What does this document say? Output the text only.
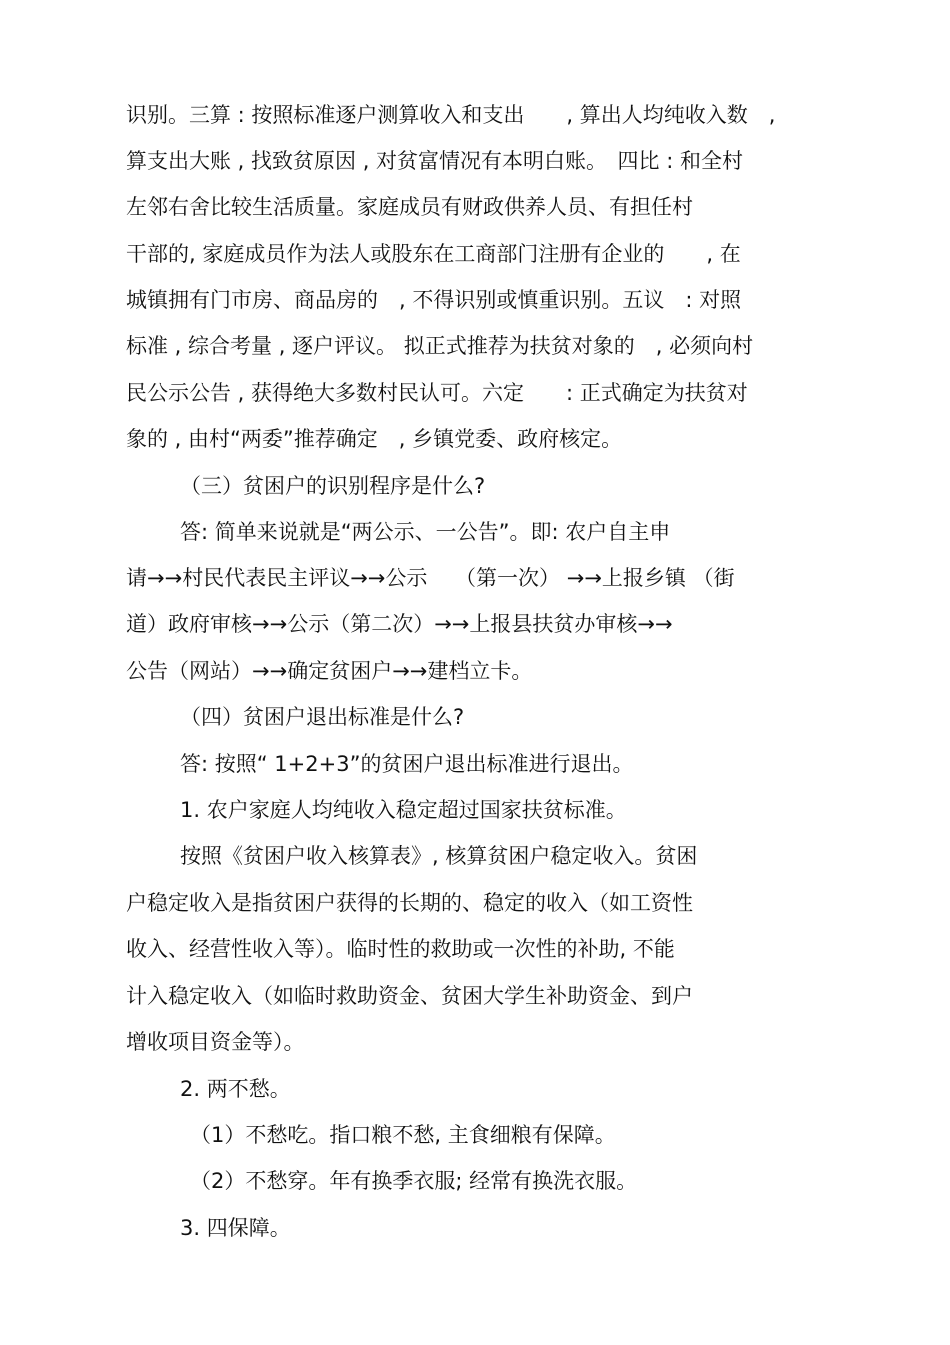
识别。三算 : 按照标准逐户测算收入和支出　　, 算出人均纯收入数　,
算支出大账 , 找致贫原因 , 对贫富情况有本明白账。　四比 : 和全村
左邻右舍比较生活质量。家庭成员有财政供养人员、有担任村
干部的, 家庭成员作为法人或股东在工商部门注册有企业的　　, 在
城镇拥有门市房、商品房的　, 不得识别或慎重识别。五议　: 对照
标准 , 综合考量 , 逐户评议。 拟正式推荐为扶贫对象的　, 必须向村
民公示公告 , 获得绝大多数村民认可。六定　　: 正式确定为扶贫对
象的 , 由村“两委”推荐确定　, 乡镇党委、政府核定。
（三）贫困户的识别程序是什么?
答: 简单来说就是“两公示、一公告”。即: 农户自主申
请→→村民代表民主评议→→公示　 （第一次） →→上报乡镇 （街
道）政府审核→→公示（第二次）→→上报县扶贫办审核→→
公告（网站）→→确定贫困户→→建档立卡。
（四）贫困户退出标准是什么?
答: 按照“ 1+2+3”的贫困户退出标准进行退出。
1. 农户家庭人均纯收入稳定超过国家扶贫标准。
按照《贫困户收入核算表》, 核算贫困户稳定收入。贫困
户稳定收入是指贫困户获得的长期的、稳定的收入（如工资性
收入、经营性收入等）。临时性的救助或一次性的补助, 不能
计入稳定收入（如临时救助资金、贫困大学生补助资金、到户
增收项目资金等）。
2. 两不愁。
（1）不愁吃。指口粮不愁, 主食细粮有保障。
（2）不愁穿。年有换季衣服; 经常有换洗衣服。
3. 四保障。
